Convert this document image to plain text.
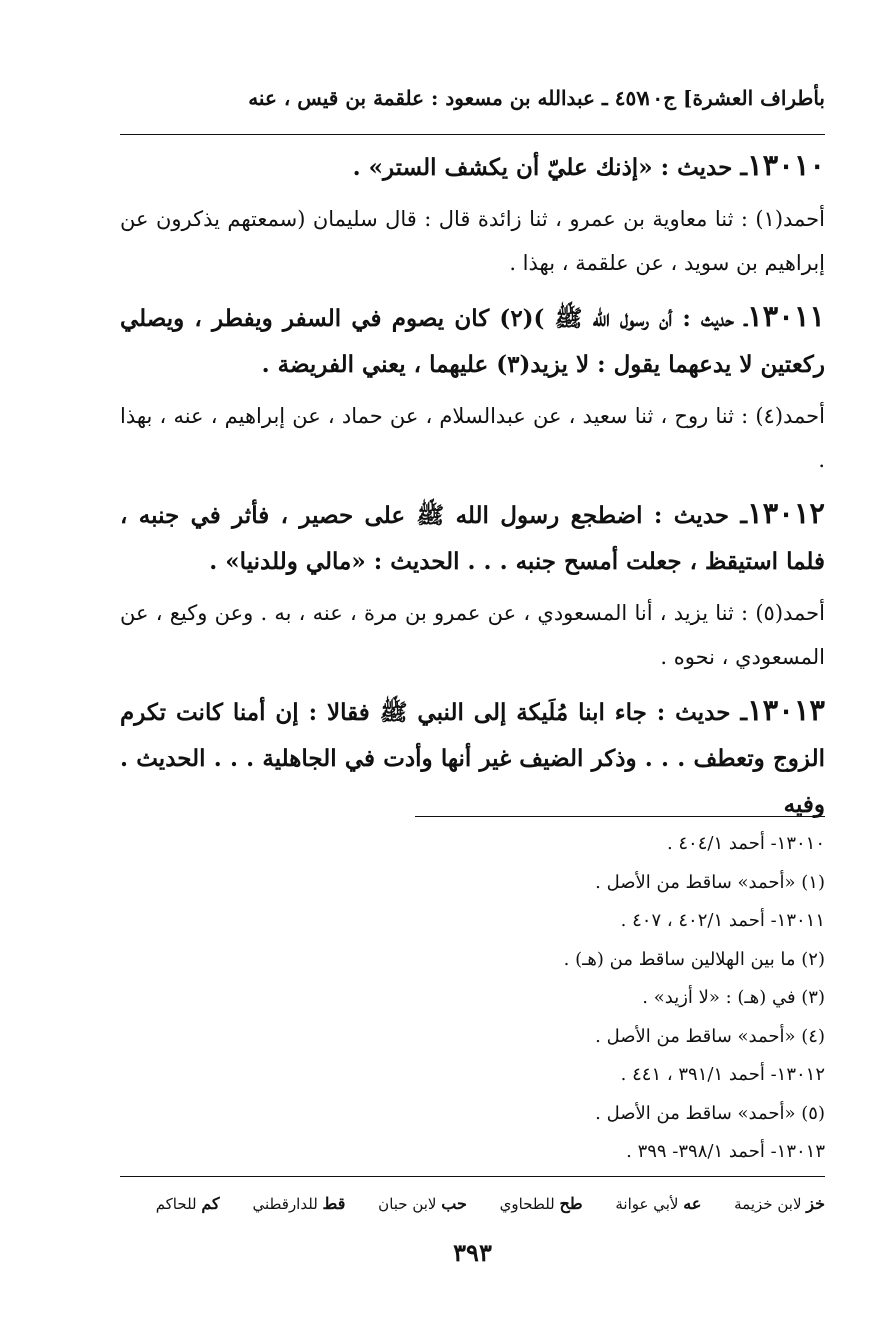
بأطراف العشرة] ج١٠
٤٥٧ ـ عبدالله بن مسعود : علقمة بن قيس ، عنه

١٣٠١٠ـ حديث : «إذنك عليّ أن يكشف الستر» .

أحمد(١) : ثنا معاوية بن عمرو ، ثنا زائدة قال : قال سليمان (سمعتهم يذكرون عن إبراهيم بن سويد ، عن علقمة ، بهذا .

١٣٠١١ـ حديث : أن رسول الله ﷺ )(٢) كان يصوم في السفر ويفطر ، ويصلي ركعتين لا يدعهما يقول : لا يزيد(٣) عليهما ، يعني الفريضة .

أحمد(٤) : ثنا روح ، ثنا سعيد ، عن عبدالسلام ، عن حماد ، عن إبراهيم ، عنه ، بهذا .

١٣٠١٢ـ حديث : اضطجع رسول الله ﷺ على حصير ، فأثر في جنبه ، فلما استيقظ ، جعلت أمسح جنبه . . . الحديث : «مالي وللدنيا» .

أحمد(٥) : ثنا يزيد ، أنا المسعودي ، عن عمرو بن مرة ، عنه ، به . وعن وكيع ، عن المسعودي ، نحوه .

١٣٠١٣ـ حديث : جاء ابنا مُلَيكة إلى النبي ﷺ فقالا : إن أمنا كانت تكرم الزوج وتعطف . . . وذكر الضيف غير أنها وأدت في الجاهلية . . . الحديث . وفيه

١٣٠١٠- أحمد ٤٠٤/١ .
(١) «أحمد» ساقط من الأصل .
١٣٠١١- أحمد ٤٠٢/١ ، ٤٠٧ .
(٢) ما بين الهلالين ساقط من (هـ) .
(٣) في (هـ) : «لا أزيد» .
(٤) «أحمد» ساقط من الأصل .
١٣٠١٢- أحمد ٣٩١/١ ، ٤٤١ .
(٥) «أحمد» ساقط من الأصل .
١٣٠١٣- أحمد ٣٩٨/١- ٣٩٩ .
خز لابن خزيمة عه لأبي عوانة طح للطحاوي حب لابن حبان قط للدارقطني كم للحاكم
٣٩٣
